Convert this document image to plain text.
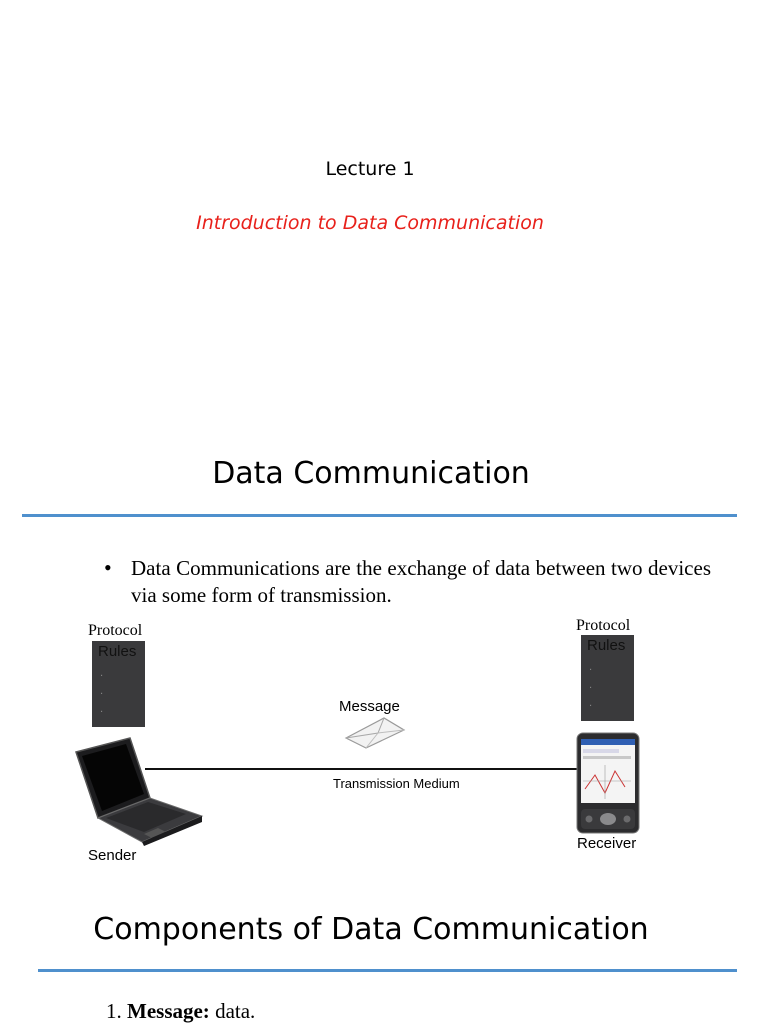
Lecture 1
Introduction to Data Communication
Data Communication
• Data Communications are the exchange of data between two devices via some form of transmission.
Protocol
Rules
.
.
.
Protocol
Rules
.
.
.
Message
Transmission Medium
Sender
Receiver
Components of Data Communication
1. Message: data.
